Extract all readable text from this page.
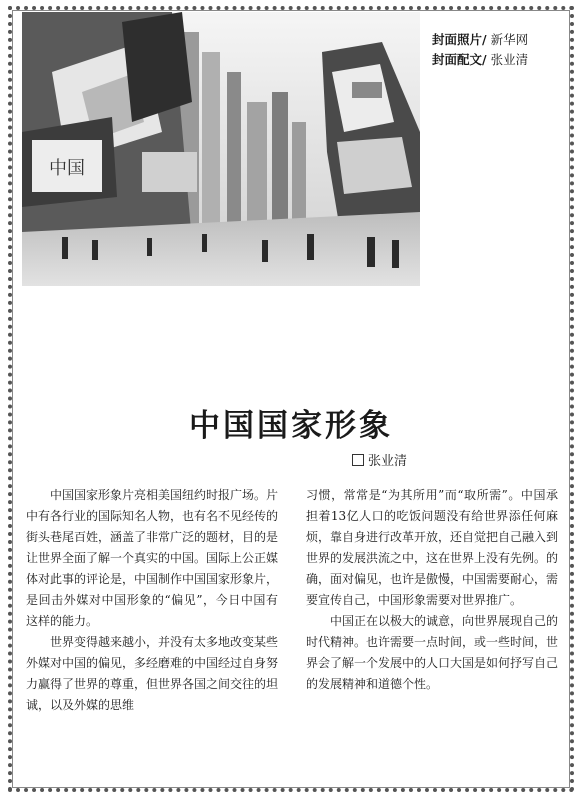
中国
封面照片/ 新华网
封面配文/ 张业清
中国国家形象
张业清

中国国家形象片亮相美国纽约时报广场。片中有各行业的国际知名人物，也有名不见经传的街头巷尾百姓，涵盖了非常广泛的题材，目的是让世界全面了解一个真实的中国。国际上公正媒体对此事的评论是，中国制作中国国家形象片，是回击外媒对中国形象的“偏见”，今日中国有这样的能力。

世界变得越来越小，并没有太多地改变某些外媒对中国的偏见，多经磨难的中国经过自身努力赢得了世界的尊重，但世界各国之间交往的坦诚，以及外媒的思维

习惯，常常是“为其所用”而“取所需”。中国承担着13亿人口的吃饭问题没有给世界添任何麻烦，靠自身进行改革开放，还自觉把自己融入到世界的发展洪流之中，这在世界上没有先例。的确，面对偏见，也许是傲慢，中国需要耐心，需要宣传自己，中国形象需要对世界推广。

中国正在以极大的诚意，向世界展现自己的时代精神。也许需要一点时间，或一些时间，世界会了解一个发展中的人口大国是如何抒写自己的发展精神和道德个性。
